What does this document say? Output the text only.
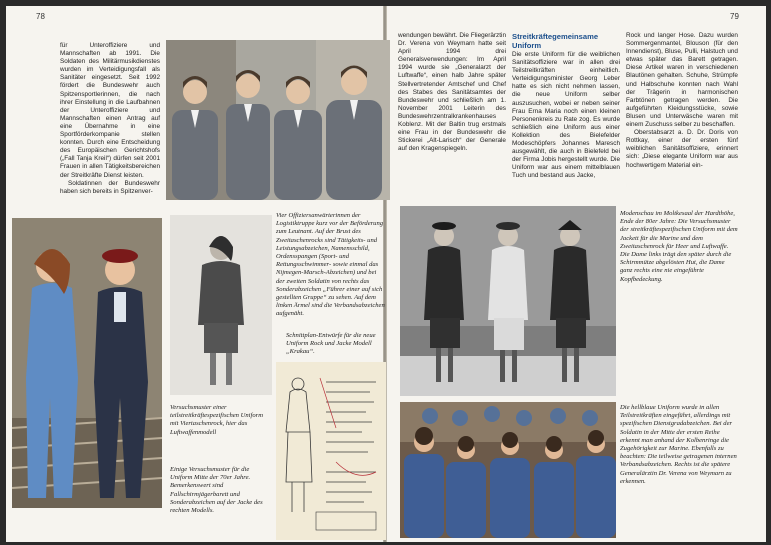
78

für Unteroffiziere und Mannschaften ab 1991. Die Soldaten des Militärmusikdienstes wurden im Verteidigungsfall als Sanitäter eingesetzt. Seit 1992 fördert die Bundeswehr auch Spitzensportlerinnen, die nach ihrer Einstellung in die Laufbahnen der Unteroffiziere und Mannschaften einen Antrag auf eine Übernahme in eine Sportförderkompanie stellen konnten. Durch eine Entscheidung des Europäischen Gerichtshofs („Fall Tanja Kreil“) dürfen seit 2001 Frauen in allen Tätigkeitsbereichen der Streitkräfte Dienst leisten.

Soldatinnen der Bundeswehr haben sich bereits in Spitzenver-

Vier Offiziersanwärterinnen der Logistiktruppe kurz vor der Beförderung zum Leutnant. Auf der Brust des Zweitaschenrocks sind Tätigkeits- und Leistungsabzeichen, Namensschild, Ordensspangen (Sport- und Rettungsschwimmer- sowie einmal das Nijmegen-Marsch-Abzeichen) und bei der zweiten Soldatin von rechts das Sonderabzeichen „Führer einer auf sich gestellten Gruppe“ zu sehen. Auf dem linken Ärmel sind die Verbandsabzeichen aufgenäht.
Schnittplan-Entwürfe für die neue Uniform Rock und Jacke Modell „Krakau“.
Versuchsmuster einer teilstreitkräftespezifischen Uniform mit Viertaschenrock, hier das Luftwaffenmodell
Einige Versuchsmuster für die Uniform Mitte der 70er Jahre. Bemerkenswert sind Fallschirmjägerbarett und Sonderabzeichen auf der Jacke des rechten Modells.
79

wendungen bewährt. Die Fliegerärztin Dr. Verena von Weymarn hatte seit April 1994 drei Generalsverwendungen: Im April 1994 wurde sie „Generalarzt der Luftwaffe“, einen halb Jahre später Stellvertretender Amtschef und Chef des Stabes des Sanitätsamtes der Bundeswehr und schließlich am 1. November 2001 Leiterin des Bundeswehrzentralkrankenhauses Koblenz. Mit der Baltin trug erstmals eine Frau in der Bundeswehr die Stickerei „Alt-Larisch“ der Generale auf den Kragenspiegeln.

Streitkräftegemeinsame Uniform

Die erste Uniform für die weiblichen Sanitätsoffiziere war in allen drei Teilstreitkräften einheitlich. Verteidigungsminister Georg Leber hatte es sich nicht nehmen lassen, die neue Uniform selber auszusuchen, wobei er neben seiner Frau Erna Maria noch einen kleinen Personenkreis zu Rate zog. Es wurde schließlich eine Uniform aus einer Kollektion des Bielefelder Modeschöpfers Johannes Maresch ausgewählt, die auch in Bielefeld bei der Firma Jobis hergestellt wurde. Die Uniform war aus einem mittelblauen Tuch und bestand aus Jacke,

Rock und langer Hose. Dazu wurden Sommergenmantel, Blouson (für den Innendienst), Bluse, Pulli, Halstuch und etwas später das Barett getragen. Diese Artikel waren in verschiedenen Blautönen gehalten. Schuhe, Strümpfe und Halbschuhe konnten nach Wahl der Trägerin in harmonischen Farbtönen getragen werden. Die aufgeführten Kleidungsstücke, sowie Blusen und Unterwäsche waren mit einem Zuschuss selber zu beschaffen.

Oberstabsarzt a. D. Dr. Doris von Rottkay, einer der ersten fünf weiblichen Sanitätsoffiziere, erinnert sich: „Diese elegante Uniform war aus hochwertigem Material ein-

Modenschau im Moltkesaal der Hardthöhe, Ende der 80er Jahre: Die Versuchsmuster der streitkräftespezifischen Uniform mit dem Jackett für die Marine und dem Zweitaschenrock für Heer und Luftwaffe. Die Dame links trägt den später durch die Schirmmütze abgelösten Hut, die Dame ganz rechts eine nie eingeführte Kopfbedeckung.
Die hellblaue Uniform wurde in allen Teilstreitkräften eingeführt, allerdings mit spezifischen Dienstgradabzeichen. Bei der Soldatin in der Mitte der ersten Reihe erkennt man anhand der Kolbenringe die Zugehörigkeit zur Marine. Ebenfalls zu beachten: Die teilweise getragenen internen Verbandsabzeichen. Rechts ist die spätere Generalärztin Dr. Verena von Weymarn zu erkennen.
